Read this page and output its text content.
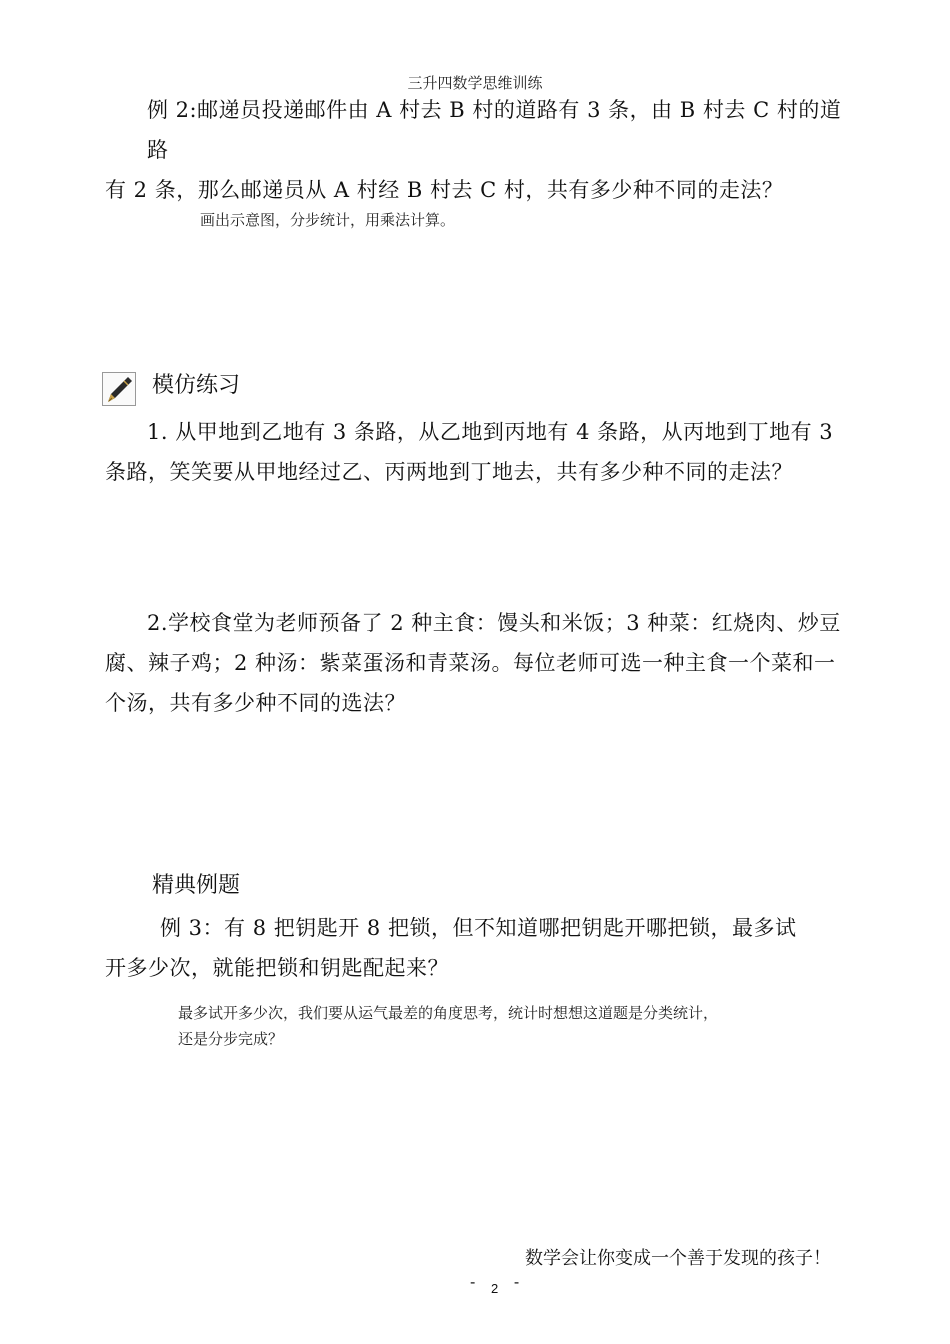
三升四数学思维训练
例 2:邮递员投递邮件由 A 村去 B 村的道路有 3 条，由 B 村去 C 村的道路
有 2 条，那么邮递员从 A 村经 B 村去 C 村，共有多少种不同的走法？
画出示意图，分步统计，用乘法计算。
模仿练习
1. 从甲地到乙地有 3 条路，从乙地到丙地有 4 条路，从丙地到丁地有 3
条路，笑笑要从甲地经过乙、丙两地到丁地去，共有多少种不同的走法？
2.学校食堂为老师预备了 2 种主食：馒头和米饭；3 种菜：红烧肉、炒豆
腐、辣子鸡；2 种汤：紫菜蛋汤和青菜汤。每位老师可选一种主食一个菜和一
个汤，共有多少种不同的选法？
精典例题
例 3：有 8 把钥匙开 8 把锁，但不知道哪把钥匙开哪把锁，最多试
开多少次，就能把锁和钥匙配起来？
最多试开多少次，我们要从运气最差的角度思考，统计时想想这道题是分类统计，
还是分步完成？
数学会让你变成一个善于发现的孩子！
- 2 -
